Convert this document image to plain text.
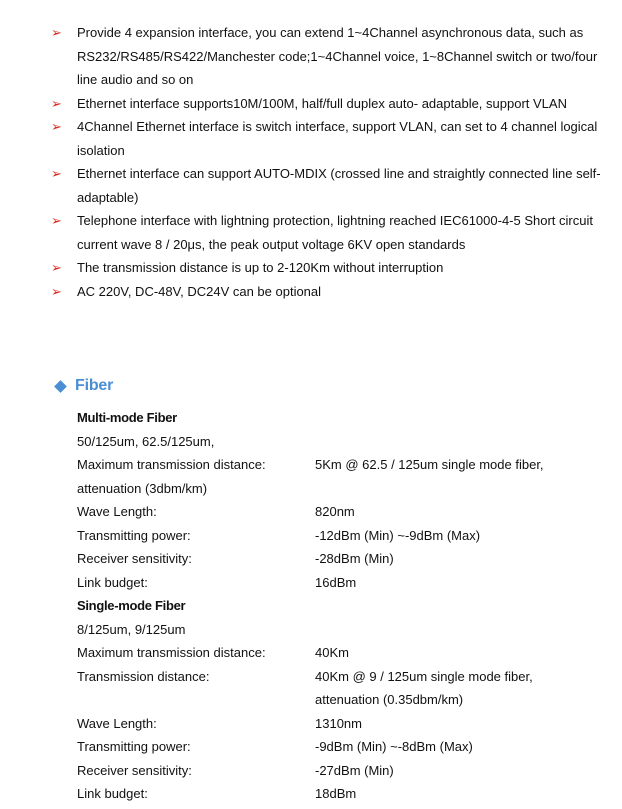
➢ Provide 4 expansion interface, you can extend 1~4Channel asynchronous data, such as RS232/RS485/RS422/Manchester code;1~4Channel voice, 1~8Channel switch or two/four line audio and so on
➢ Ethernet interface supports10M/100M, half/full duplex auto- adaptable, support VLAN
➢ 4Channel Ethernet interface is switch interface, support VLAN, can set to 4 channel logical isolation
➢ Ethernet interface can support AUTO-MDIX (crossed line and straightly connected line self-adaptable)
➢ Telephone interface with lightning protection, lightning reached IEC61000-4-5 Short circuit current wave 8 / 20μs, the peak output voltage 6KV open standards
➢ The transmission distance is up to 2-120Km without interruption
➢ AC 220V, DC-48V, DC24V can be optional
Fiber
Multi-mode Fiber
50/125um, 62.5/125um,
Maximum transmission distance:	5Km @ 62.5 / 125um single mode fiber,
attenuation (3dbm/km)
Wave Length:	820nm
Transmitting power:	-12dBm (Min) ~-9dBm (Max)
Receiver sensitivity:	-28dBm (Min)
Link budget:	16dBm
Single-mode Fiber
8/125um, 9/125um
Maximum transmission distance:	40Km
Transmission distance:	40Km @ 9 / 125um single mode fiber,
attenuation (0.35dbm/km)
Wave Length:	1310nm
Transmitting power:	-9dBm (Min) ~-8dBm (Max)
Receiver sensitivity:	-27dBm (Min)
Link budget:	18dBm
